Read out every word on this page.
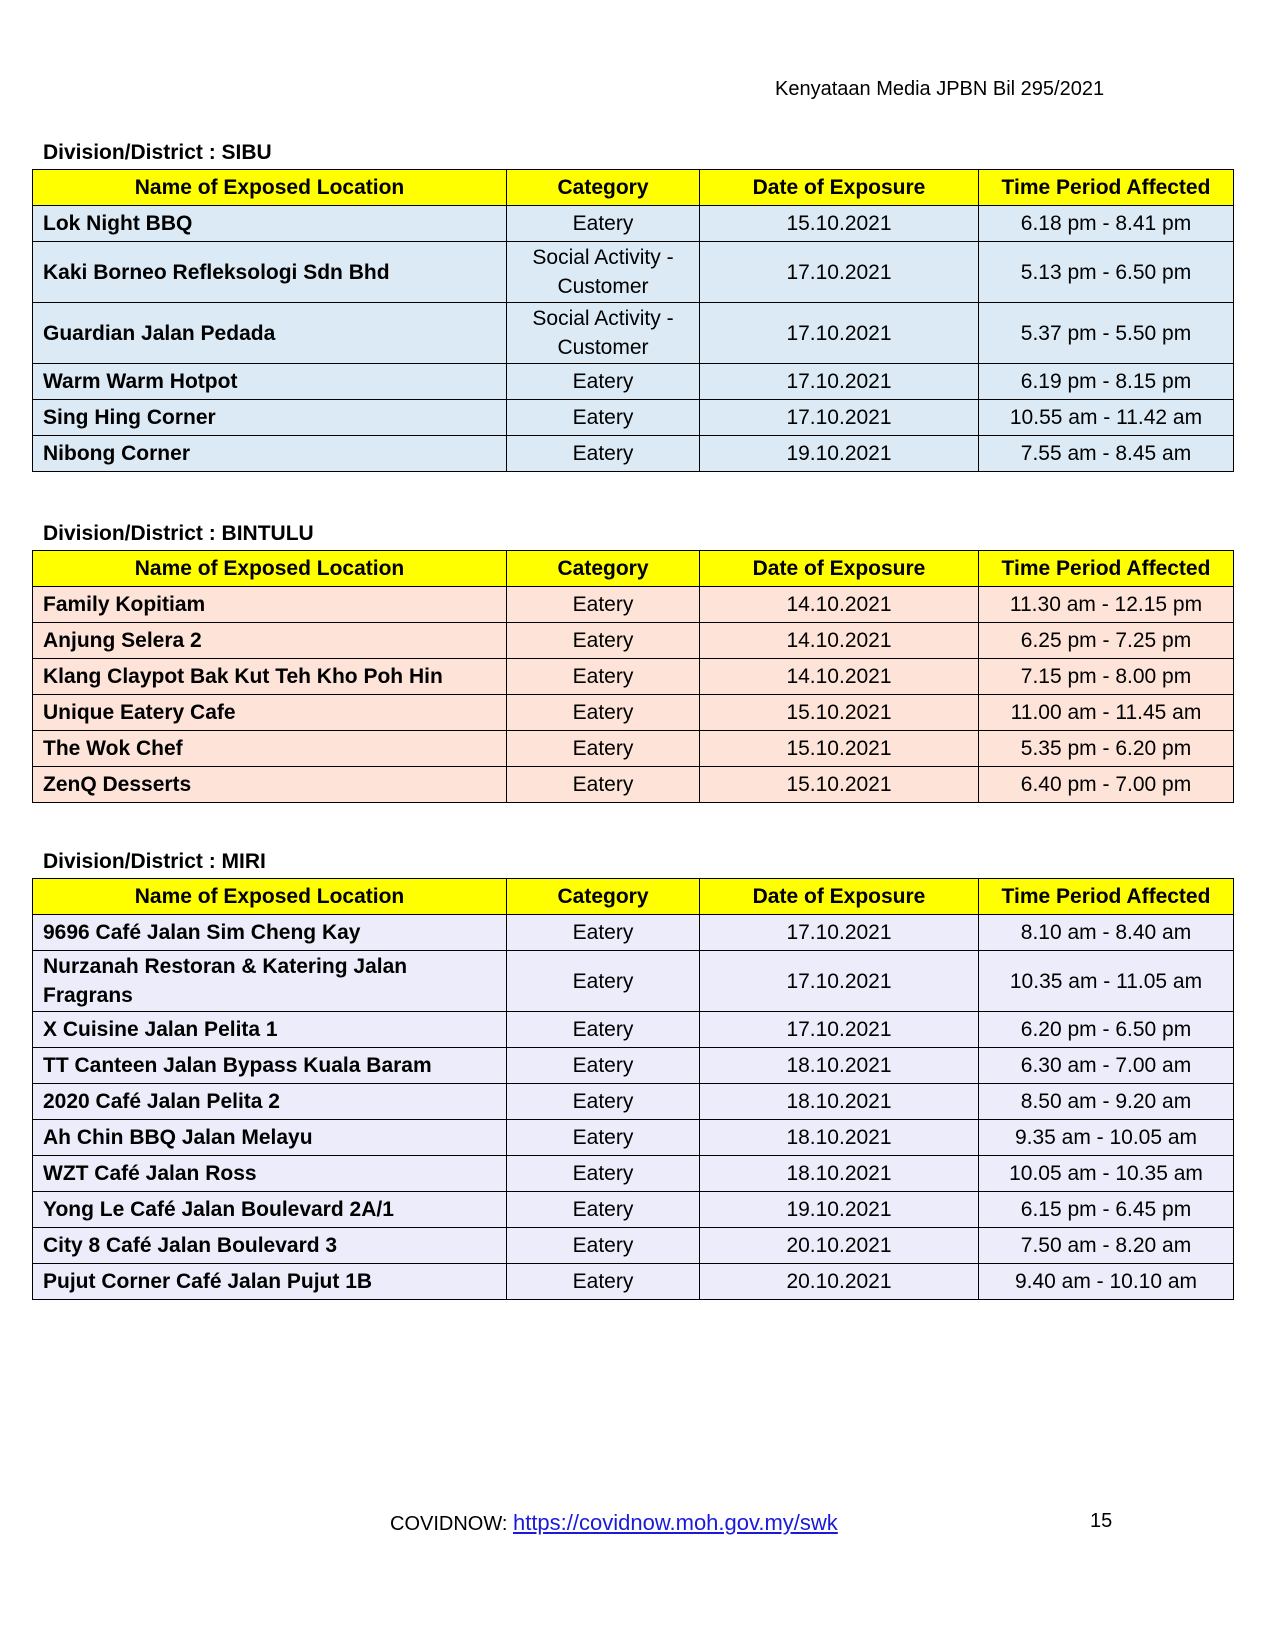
Kenyataan Media JPBN Bil 295/2021
Division/District : SIBU
Name of Exposed Location	Category	Date of Exposure	Time Period Affected
Lok Night BBQ	Eatery	15.10.2021	6.18 pm - 8.41 pm
Kaki Borneo Refleksologi Sdn Bhd	Social Activity - Customer	17.10.2021	5.13 pm - 6.50 pm
Guardian Jalan Pedada	Social Activity - Customer	17.10.2021	5.37 pm - 5.50 pm
Warm Warm Hotpot	Eatery	17.10.2021	6.19 pm - 8.15 pm
Sing Hing Corner	Eatery	17.10.2021	10.55 am - 11.42 am
Nibong Corner	Eatery	19.10.2021	7.55 am - 8.45 am
Division/District : BINTULU
Name of Exposed Location	Category	Date of Exposure	Time Period Affected
Family Kopitiam	Eatery	14.10.2021	11.30 am - 12.15 pm
Anjung Selera 2	Eatery	14.10.2021	6.25 pm - 7.25 pm
Klang Claypot Bak Kut Teh Kho Poh Hin	Eatery	14.10.2021	7.15 pm - 8.00 pm
Unique Eatery Cafe	Eatery	15.10.2021	11.00 am - 11.45 am
The Wok Chef	Eatery	15.10.2021	5.35 pm - 6.20 pm
ZenQ Desserts	Eatery	15.10.2021	6.40 pm - 7.00 pm
Division/District : MIRI
Name of Exposed Location	Category	Date of Exposure	Time Period Affected
9696 Café Jalan Sim Cheng Kay	Eatery	17.10.2021	8.10 am - 8.40 am
Nurzanah Restoran & Katering Jalan Fragrans	Eatery	17.10.2021	10.35 am - 11.05 am
X Cuisine Jalan Pelita 1	Eatery	17.10.2021	6.20 pm - 6.50 pm
TT Canteen Jalan Bypass Kuala Baram	Eatery	18.10.2021	6.30 am - 7.00 am
2020 Café Jalan Pelita 2	Eatery	18.10.2021	8.50 am - 9.20 am
Ah Chin BBQ Jalan Melayu	Eatery	18.10.2021	9.35 am - 10.05 am
WZT Café Jalan Ross	Eatery	18.10.2021	10.05 am - 10.35 am
Yong Le Café Jalan Boulevard 2A/1	Eatery	19.10.2021	6.15 pm - 6.45 pm
City 8 Café Jalan Boulevard 3	Eatery	20.10.2021	7.50 am - 8.20 am
Pujut Corner Café Jalan Pujut 1B	Eatery	20.10.2021	9.40 am - 10.10 am
COVIDNOW: https://covidnow.moh.gov.my/swk	15
